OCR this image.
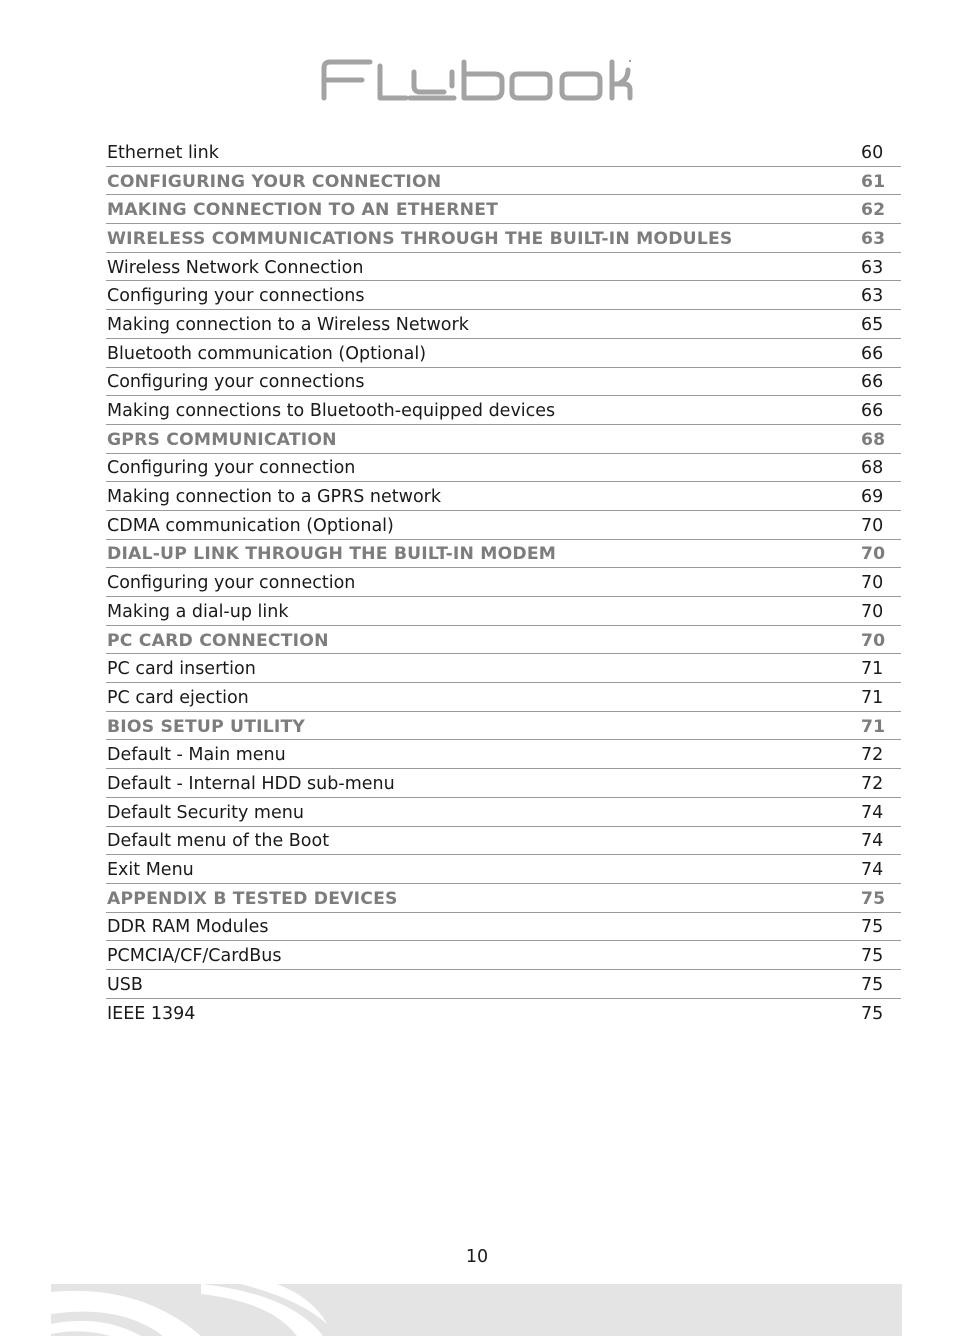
Ethernet link	60
CONFIGURING YOUR CONNECTION	61
MAKING CONNECTION TO AN ETHERNET	62
WIRELESS COMMUNICATIONS THROUGH THE BUILT-IN MODULES	63
Wireless Network Connection	63
Configuring your connections	63
Making connection to a Wireless Network	65
Bluetooth communication (Optional)	66
Configuring your connections	66
Making connections to Bluetooth-equipped devices	66
GPRS COMMUNICATION	68
Configuring your connection	68
Making connection to a GPRS network	69
CDMA communication (Optional)	70
DIAL-UP LINK THROUGH THE BUILT-IN MODEM	70
Configuring your connection	70
Making a dial-up link	70
PC CARD CONNECTION	70
PC card insertion	71
PC card ejection	71
BIOS SETUP UTILITY	71
Default - Main menu	72
Default - Internal HDD sub-menu	72
Default Security menu	74
Default menu of the Boot	74
Exit Menu	74
APPENDIX B TESTED DEVICES	75
DDR RAM Modules	75
PCMCIA/CF/CardBus	75
USB	75
IEEE 1394	75
10
